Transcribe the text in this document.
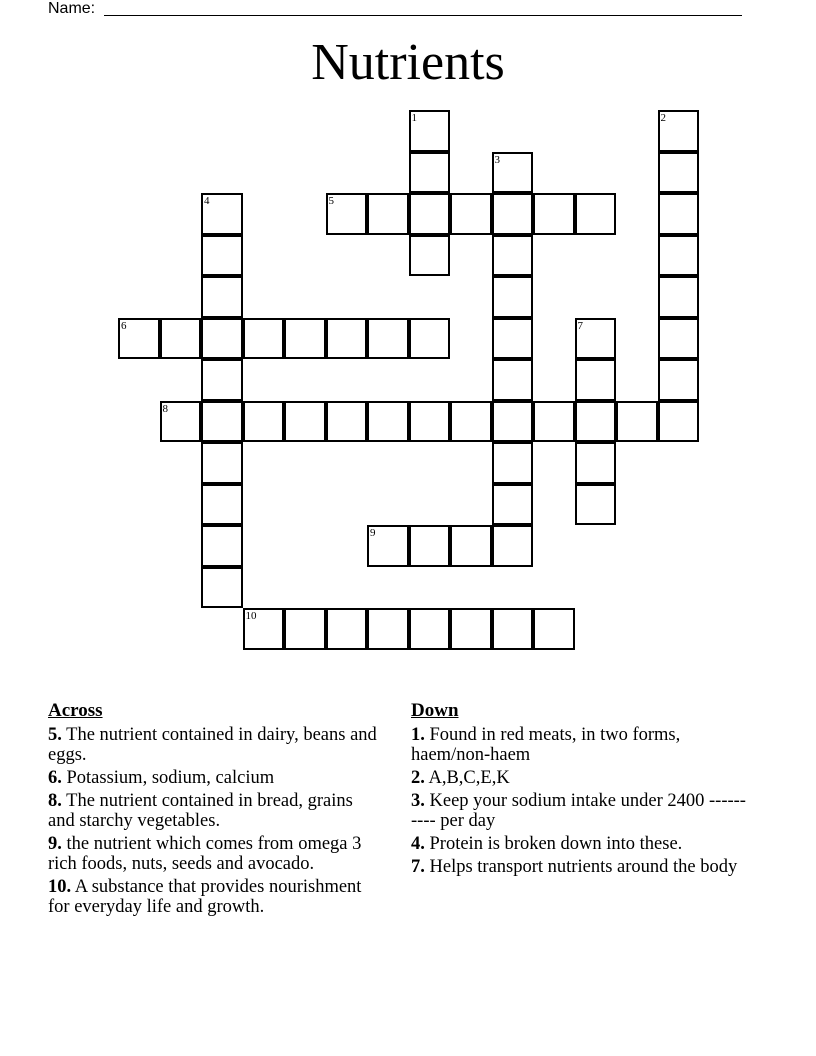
Name:
Nutrients
1	2
3
4	5
6	7
8
9
10
Across
5. The nutrient contained in dairy, beans and eggs.
6. Potassium, sodium, calcium
8. The nutrient contained in bread, grains and starchy vegetables.
9. the nutrient which comes from omega 3 rich foods, nuts, seeds and avocado.
10. A substance that provides nourishment for everyday life and growth.
Down
1. Found in red meats, in two forms, haem/non-haem
2. A,B,C,E,K
3. Keep your sodium intake under 2400 ---------- per day
4. Protein is broken down into these.
7. Helps transport nutrients around the body
